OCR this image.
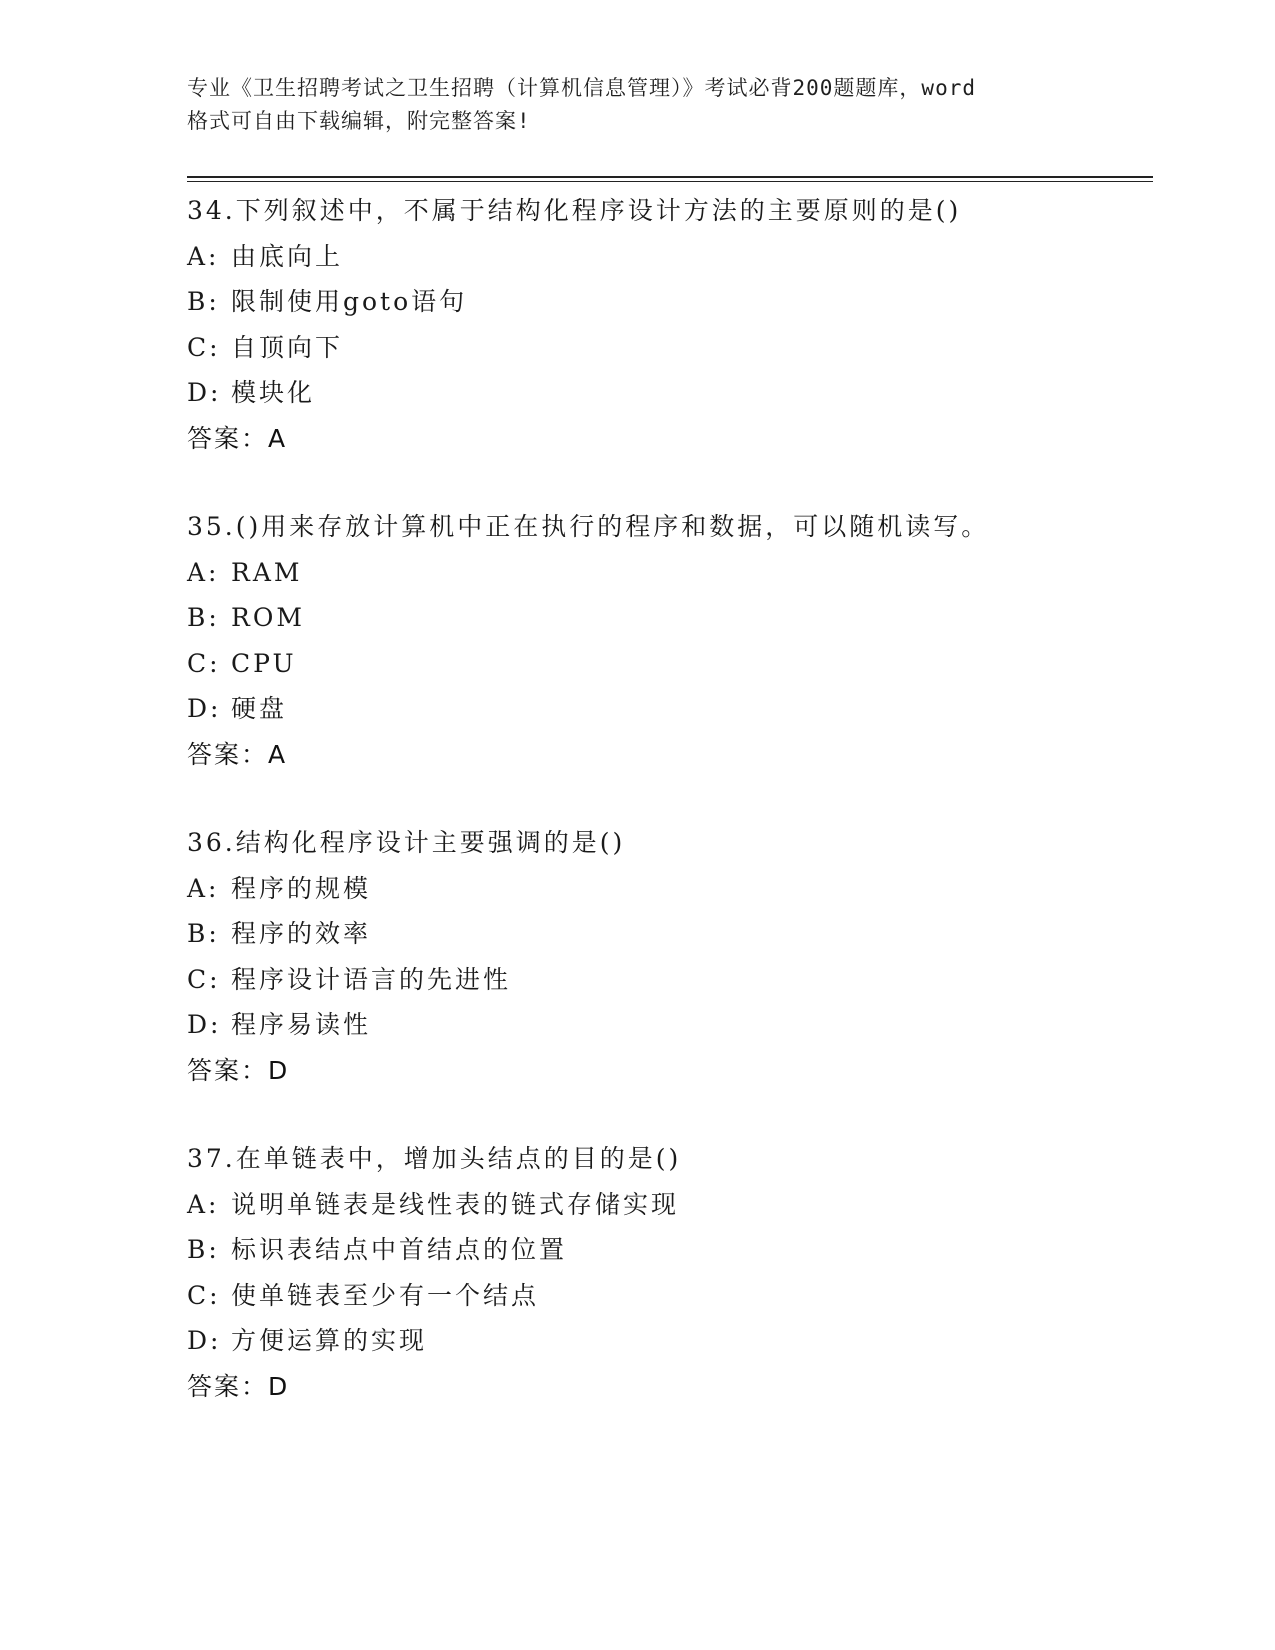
专业《卫生招聘考试之卫生招聘（计算机信息管理）》考试必背200题题库，word
格式可自由下载编辑，附完整答案!
34.下列叙述中，不属于结构化程序设计方法的主要原则的是()
A: 由底向上
B: 限制使用goto语句
C: 自顶向下
D: 模块化
答案：A
35.()用来存放计算机中正在执行的程序和数据，可以随机读写。
A: RAM
B: ROM
C: CPU
D: 硬盘
答案：A
36.结构化程序设计主要强调的是()
A: 程序的规模
B: 程序的效率
C: 程序设计语言的先进性
D: 程序易读性
答案：D
37.在单链表中，增加头结点的目的是()
A: 说明单链表是线性表的链式存储实现
B: 标识表结点中首结点的位置
C: 使单链表至少有一个结点
D: 方便运算的实现
答案：D
